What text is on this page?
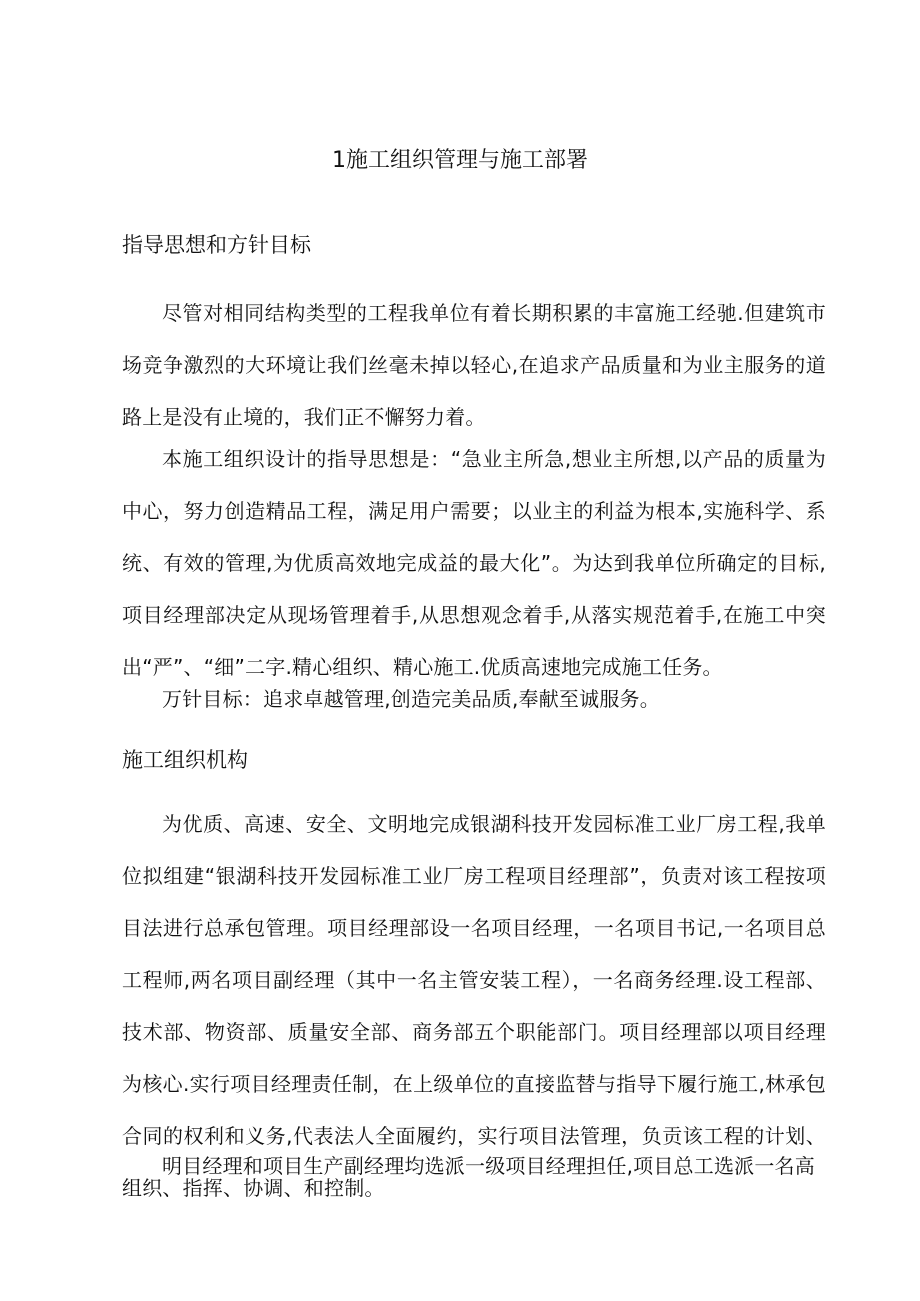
1施工组织管理与施工部署
指导思想和方针目标

尽管对相同结构类型的工程我单位有着长期积累的丰富施工经驰.但建筑市场竞争激烈的大环境让我们丝毫未掉以轻心,在追求产品质量和为业主服务的道路上是没有止境的，我们正不懈努力着。

本施工组织设计的指导思想是：“急业主所急,想业主所想,以产品的质量为中心，努力创造精品工程，满足用户需要；以业主的利益为根本,实施科学、系统、有效的管理,为优质高效地完成益的最大化”。为达到我单位所确定的目标,项目经理部决定从现场管理着手,从思想观念着手,从落实规范着手,在施工中突出“严”、“细”二字.精心组织、精心施工.优质高速地完成施工任务。

万针目标：追求卓越管理,创造完美品质,奉献至诚服务。

施工组织机构

为优质、高速、安全、文明地完成银湖科技开发园标准工业厂房工程,我单位拟组建“银湖科技开发园标准工业厂房工程项目经理部”，负责对该工程按项目法进行总承包管理。项目经理部设一名项目经理，一名项目书记,一名项目总工程师,两名项目副经理（其中一名主管安装工程），一名商务经理.设工程部、技术部、物资部、质量安全部、商务部五个职能部门。项目经理部以项目经理为核心.实行项目经理责任制，在上级单位的直接监替与指导下履行施工,林承包合同的权利和义务,代表法人全面履约，实行项目法管理，负贡该工程的计划、组织、指挥、协调、和控制。

明目经理和项目生产副经理均选派一级项目经理担任,项目总工选派一名高
